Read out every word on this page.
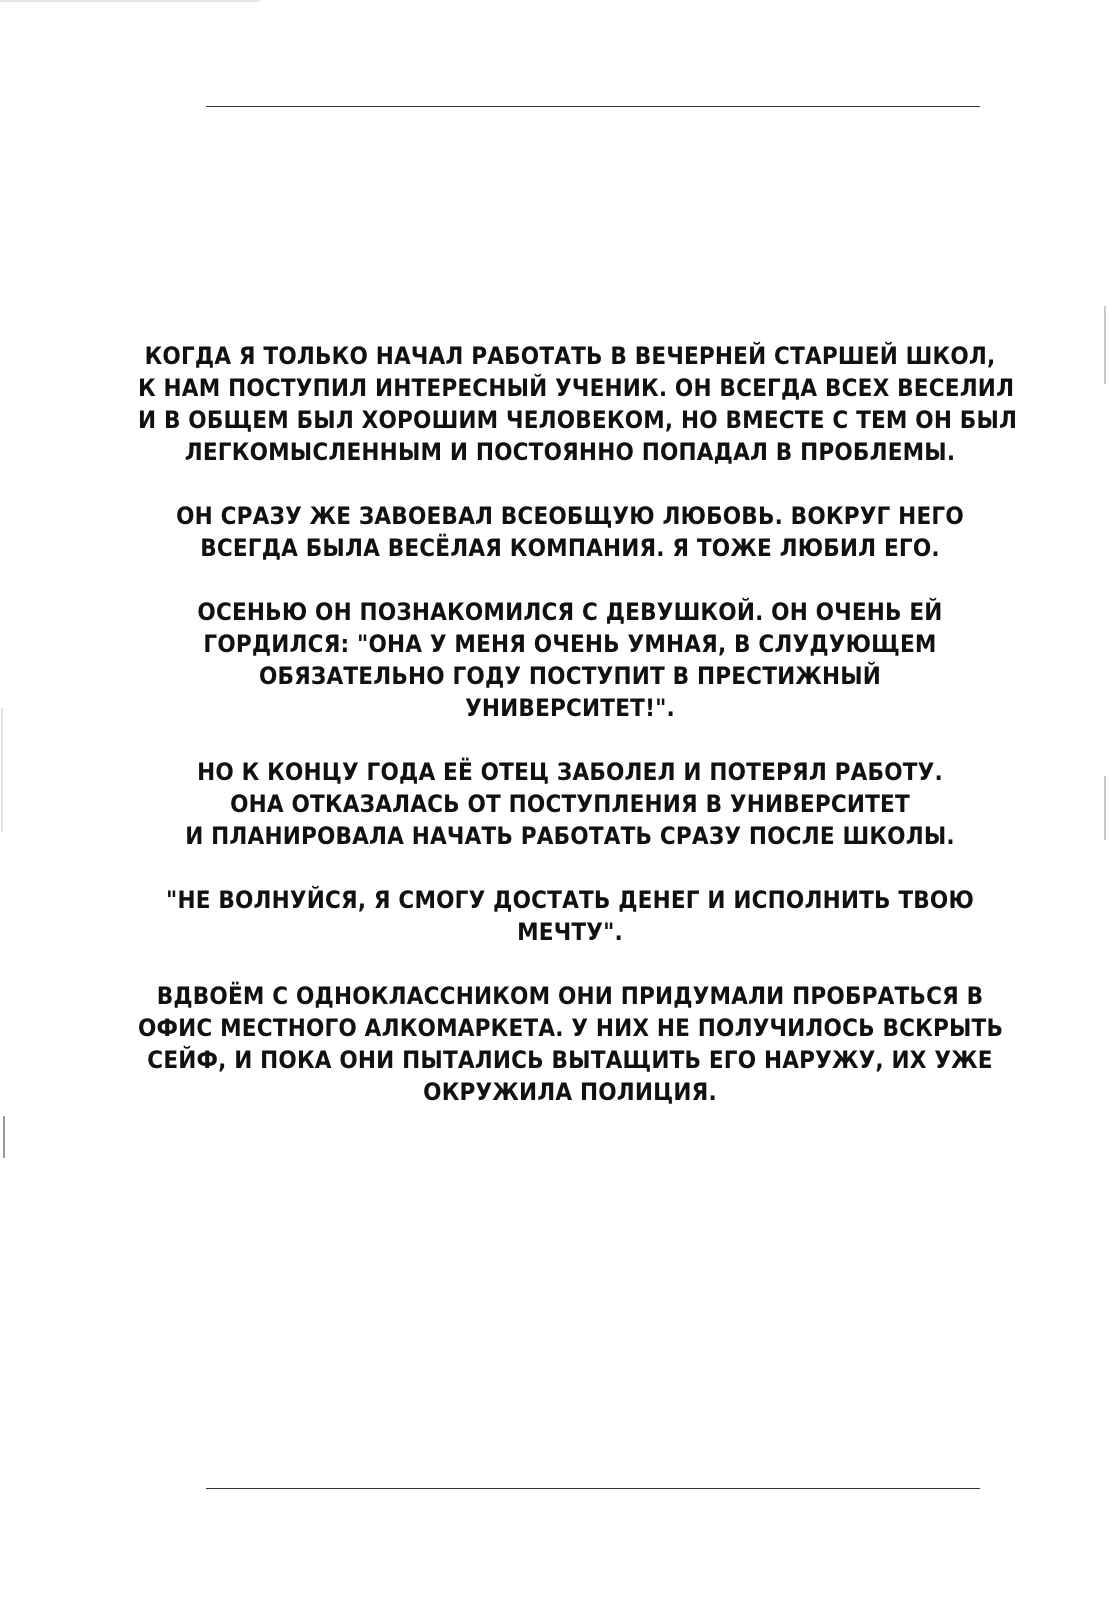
КОГДА Я ТОЛЬКО НАЧАЛ РАБОТАТЬ В ВЕЧЕРНЕЙ СТАРШЕЙ ШКОЛ,
К НАМ ПОСТУПИЛ ИНТЕРЕСНЫЙ УЧЕНИК. ОН ВСЕГДА ВСЕХ ВЕСЕЛИЛ
И В ОБЩЕМ БЫЛ ХОРОШИМ ЧЕЛОВЕКОМ, НО ВМЕСТЕ С ТЕМ ОН БЫЛ
ЛЕГКОМЫСЛЕННЫМ И ПОСТОЯННО ПОПАДАЛ В ПРОБЛЕМЫ.

ОН СРАЗУ ЖЕ ЗАВОЕВАЛ ВСЕОБЩУЮ ЛЮБОВЬ. ВОКРУГ НЕГО
ВСЕГДА БЫЛА ВЕСЁЛАЯ КОМПАНИЯ. Я ТОЖЕ ЛЮБИЛ ЕГО.

ОСЕНЬЮ ОН ПОЗНАКОМИЛСЯ С ДЕВУШКОЙ. ОН ОЧЕНЬ ЕЙ
ГОРДИЛСЯ: "ОНА У МЕНЯ ОЧЕНЬ УМНАЯ, В СЛУДУЮЩЕМ
ОБЯЗАТЕЛЬНО ГОДУ ПОСТУПИТ В ПРЕСТИЖНЫЙ
УНИВЕРСИТЕТ!".

НО К КОНЦУ ГОДА ЕЁ ОТЕЦ ЗАБОЛЕЛ И ПОТЕРЯЛ РАБОТУ.
ОНА ОТКАЗАЛАСЬ ОТ ПОСТУПЛЕНИЯ В УНИВЕРСИТЕТ
И ПЛАНИРОВАЛА НАЧАТЬ РАБОТАТЬ СРАЗУ ПОСЛЕ ШКОЛЫ.

"НЕ ВОЛНУЙСЯ, Я СМОГУ ДОСТАТЬ ДЕНЕГ И ИСПОЛНИТЬ ТВОЮ
МЕЧТУ".

ВДВОЁМ С ОДНОКЛАССНИКОМ ОНИ ПРИДУМАЛИ ПРОБРАТЬСЯ В
ОФИС МЕСТНОГО АЛКОМАРКЕТА. У НИХ НЕ ПОЛУЧИЛОСЬ ВСКРЫТЬ
СЕЙФ, И ПОКА ОНИ ПЫТАЛИСЬ ВЫТАЩИТЬ ЕГО НАРУЖУ, ИХ УЖЕ
ОКРУЖИЛА ПОЛИЦИЯ.
